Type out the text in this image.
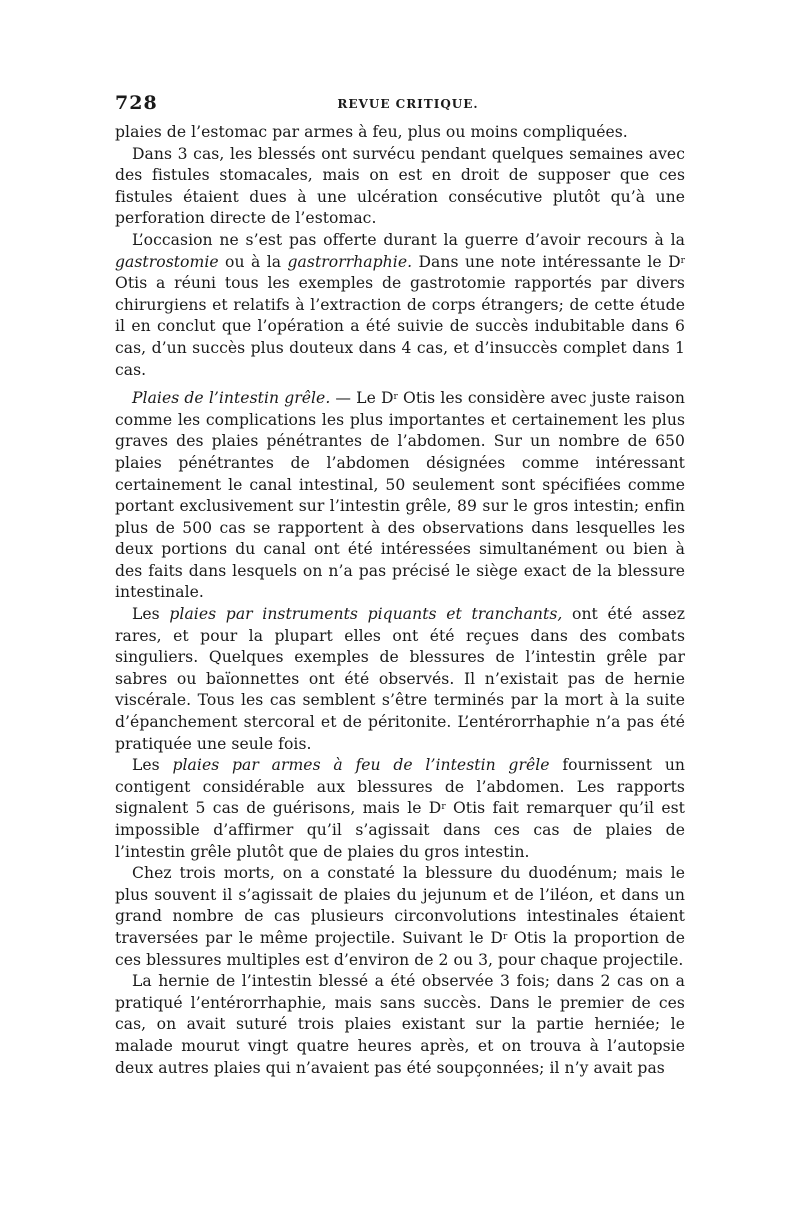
728	REVUE CRITIQUE.

plaies de l’estomac par armes à feu, plus ou moins compliquées.

Dans 3 cas, les blessés ont survécu pendant quelques semaines avec des fistules stomacales, mais on est en droit de supposer que ces fistules étaient dues à une ulcération consécutive plutôt qu’à une perforation directe de l’estomac.

L’occasion ne s’est pas offerte durant la guerre d’avoir recours à la gastrostomie ou à la gastrorrhaphie. Dans une note intéressante le $D^r$ Otis a réuni tous les exemples de gastrotomie rapportés par divers chirurgiens et relatifs à l’extraction de corps étrangers; de cette étude il en conclut que l’opération a été suivie de succès indubitable dans 6 cas, d’un succès plus douteux dans 4 cas, et d’insuccès complet dans 1 cas.

Plaies de l’intestin grêle. — Le $D^r$ Otis les considère avec juste raison comme les complications les plus importantes et certainement les plus graves des plaies pénétrantes de l’abdomen. Sur un nombre de 650 plaies pénétrantes de l’abdomen désignées comme intéressant certainement le canal intestinal, 50 seulement sont spécifiées comme portant exclusivement sur l’intestin grêle, 89 sur le gros intestin; enfin plus de 500 cas se rapportent à des observations dans lesquelles les deux portions du canal ont été intéressées simultanément ou bien à des faits dans lesquels on n’a pas précisé le siège exact de la blessure intestinale.

Les plaies par instruments piquants et tranchants, ont été assez rares, et pour la plupart elles ont été reçues dans des combats singuliers. Quelques exemples de blessures de l’intestin grêle par sabres ou baïonnettes ont été observés. Il n’existait pas de hernie viscérale. Tous les cas semblent s’être terminés par la mort à la suite d’épanchement stercoral et de péritonite. L’entérorrhaphie n’a pas été pratiquée une seule fois.

Les plaies par armes à feu de l’intestin grêle fournissent un contigent considérable aux blessures de l’abdomen. Les rapports signalent 5 cas de guérisons, mais le $D^r$ Otis fait remarquer qu’il est impossible d’affirmer qu’il s’agissait dans ces cas de plaies de l’intestin grêle plutôt que de plaies du gros intestin.

Chez trois morts, on a constaté la blessure du duodénum; mais le plus souvent il s’agissait de plaies du jejunum et de l’iléon, et dans un grand nombre de cas plusieurs circonvolutions intestinales étaient traversées par le même projectile. Suivant le $D^r$ Otis la proportion de ces blessures multiples est d’environ de 2 ou 3, pour chaque projectile.

La hernie de l’intestin blessé a été observée 3 fois; dans 2 cas on a pratiqué l’entérorrhaphie, mais sans succès. Dans le premier de ces cas, on avait suturé trois plaies existant sur la partie herniée; le malade mourut vingt quatre heures après, et on trouva à l’autopsie deux autres plaies qui n’avaient pas été soupçonnées; il n’y avait pas
